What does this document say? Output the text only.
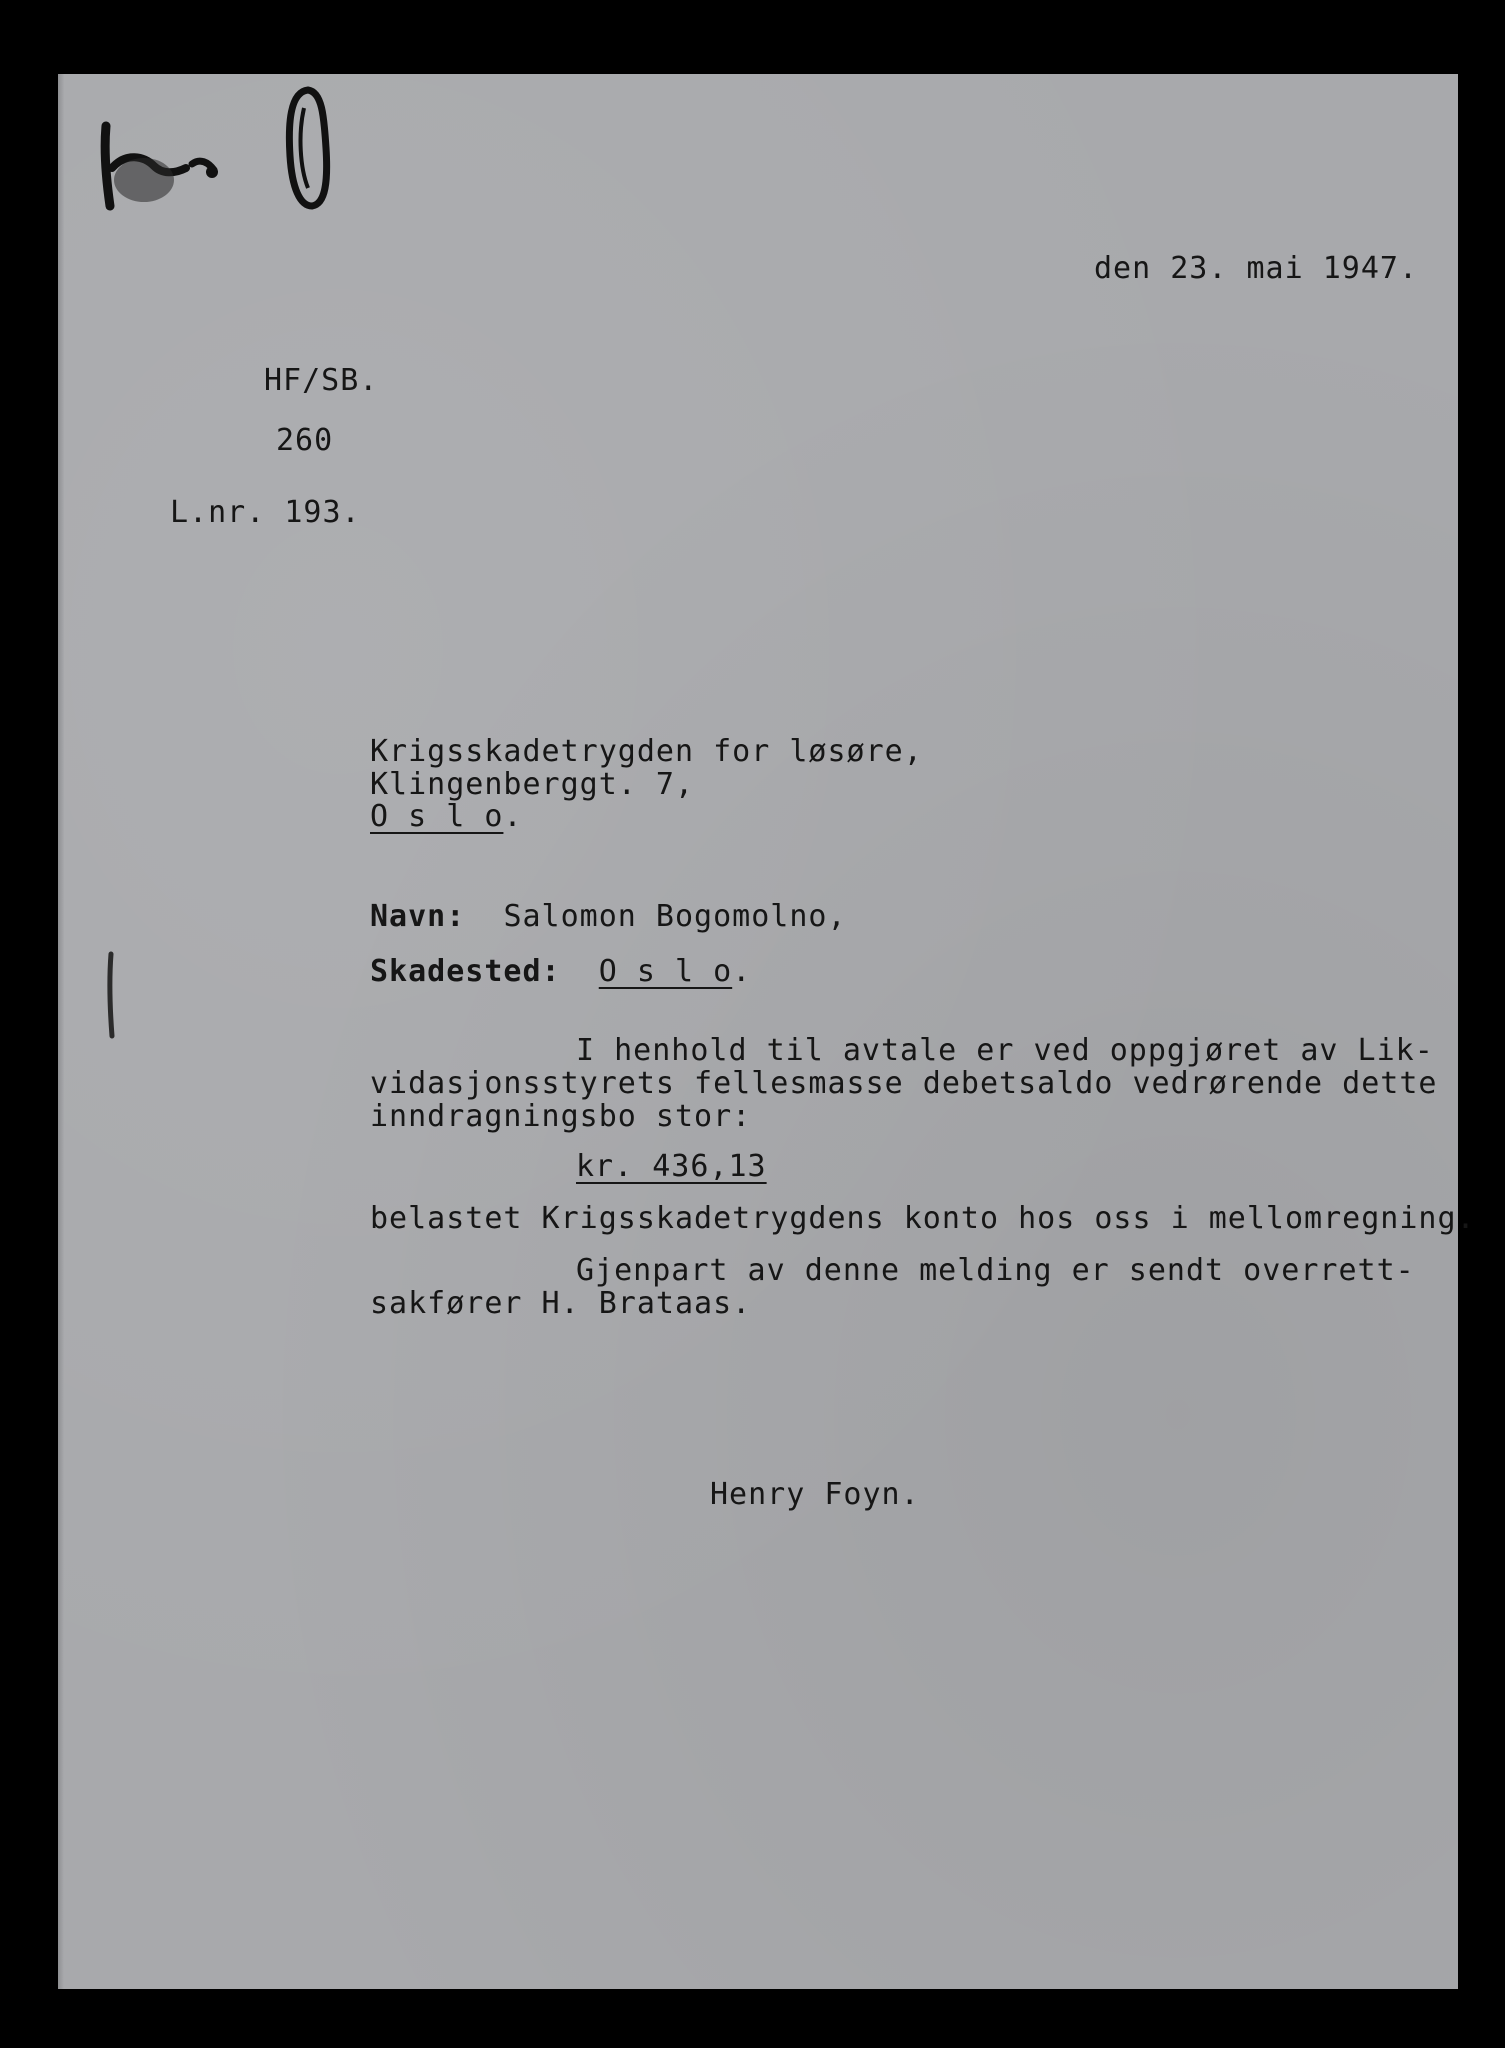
den 23. mai 1947.
HF/SB.
260
L.nr. 193.
Krigsskadetrygden for løsøre,
Klingenberggt. 7,
O s l o.
Navn: Salomon Bogomolno,
Skadested: O s l o.
I henhold til avtale er ved oppgjøret av Lik-
vidasjonsstyrets fellesmasse debetsaldo vedrørende dette
inndragningsbo stor:
kr. 436,13
belastet Krigsskadetrygdens konto hos oss i mellomregning.
Gjenpart av denne melding er sendt overrett-
sakfører H. Brataas.
Henry Foyn.
